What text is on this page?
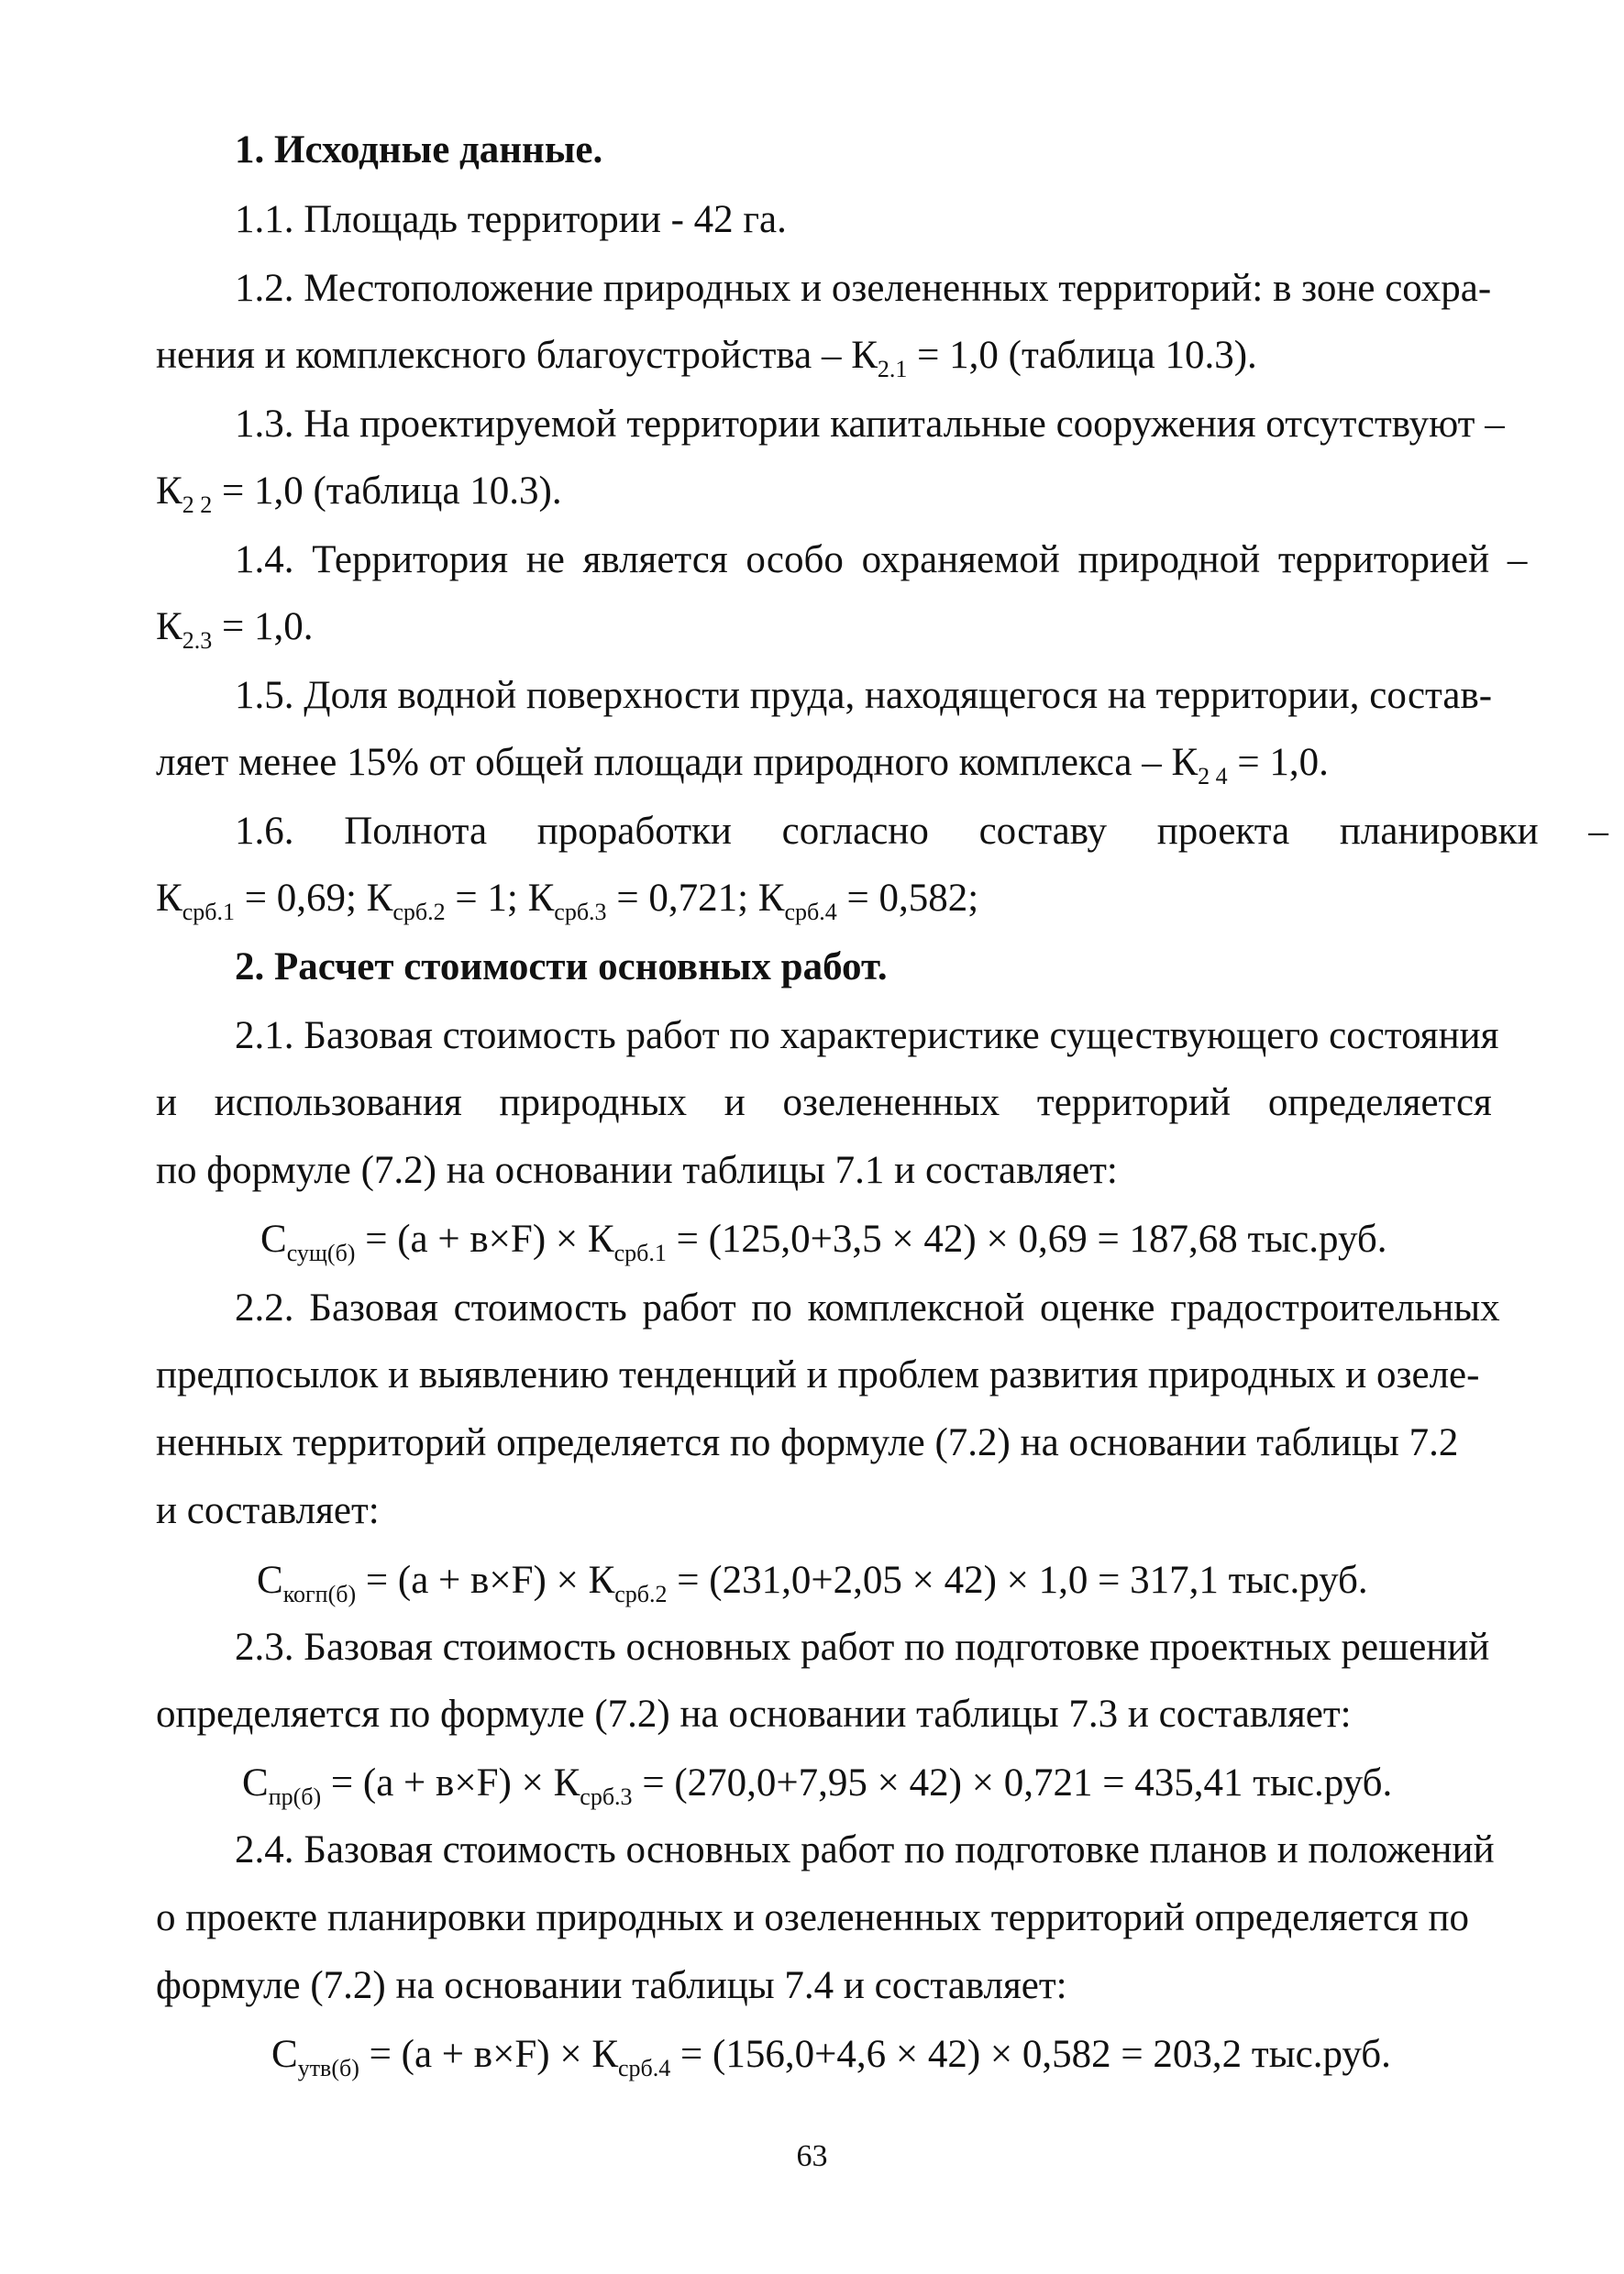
1. Исходные данные.
1.1. Площадь территории - 42 га.
1.2. Местоположение природных и озелененных территорий: в зоне сохра-
нения и комплексного благоустройства – $К_{2.1} = 1,0$ (таблица 10.3).
1.3. На проектируемой территории капитальные сооружения отсутствуют –
$К_{2 2} = 1,0$ (таблица 10.3).
1.4. Территория не является особо охраняемой природной территорией –
$К_{2.3} = 1,0$.
1.5. Доля водной поверхности пруда, находящегося на территории, состав-
ляет менее 15% от общей площади природного комплекса – $К_{2 4} = 1,0$.
1.6. Полнота проработки согласно составу проекта планировки –
$К_{срб.1} = 0,69$; $К_{срб.2} = 1$; $К_{срб.3} = 0,721$; $К_{срб.4} = 0,582$;
2. Расчет стоимости основных работ.
2.1. Базовая стоимость работ по характеристике существующего состояния
и использования природных и озелененных территорий определяется
по формуле (7.2) на основании таблицы 7.1 и составляет:
$С_{сущ(б)} = (а + в\times F) \times К_{срб.1} = (125,0+3,5 \times 42) \times 0,69 = 187,68$ тыс.руб.
2.2. Базовая стоимость работ по комплексной оценке градостроительных
предпосылок и выявлению тенденций и проблем развития природных и озеле-
ненных территорий определяется по формуле (7.2) на основании таблицы 7.2
и составляет:
$С_{когп(б)} = (а + в\times F) \times К_{срб.2} = (231,0+2,05 \times 42) \times 1,0 = 317,1$ тыс.руб.
2.3. Базовая стоимость основных работ по подготовке проектных решений
определяется по формуле (7.2) на основании таблицы 7.3 и составляет:
$С_{пр(б)} = (а + в\times F) \times К_{срб.3} = (270,0+7,95 \times 42) \times 0,721 = 435,41$ тыс.руб.
2.4. Базовая стоимость основных работ по подготовке планов и положений
о проекте планировки природных и озелененных территорий определяется по
формуле (7.2) на основании таблицы 7.4 и составляет:
$С_{утв(б)} = (а + в\times F) \times К_{срб.4} = (156,0+4,6 \times 42) \times 0,582 = 203,2$ тыс.руб.
63
